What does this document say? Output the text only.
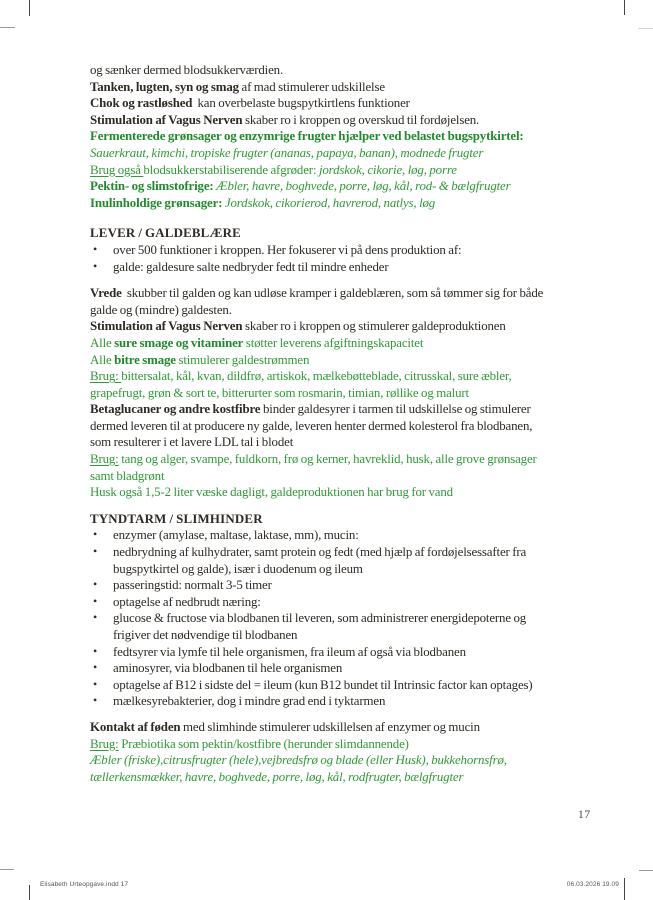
og sænker dermed blodsukkerværdien.
Tanken, lugten, syn og smag af mad stimulerer udskillelse
Chok og rastløshed  kan overbelaste bugspytkirtlens funktioner
Stimulation af Vagus Nerven skaber ro i kroppen og overskud til fordøjelsen.
Fermenterede grønsager og enzymrige frugter hjælper ved belastet bugspytkirtel:
Sauerkraut, kimchi, tropiske frugter (ananas, papaya, banan), modnede frugter
Brug også blodsukkerstabiliserende afgrøder: jordskok, cikorie, løg, porre
Pektin- og slimstofrige: Æbler, havre, boghvede, porre, løg, kål, rod- & bælgfrugter
Inulinholdige grønsager: Jordskok, cikorierod, havrerod, natlys, løg
LEVER / GALDEBLÆRE
• over 500 funktioner i kroppen. Her fokuserer vi på dens produktion af:
• galde: galdesure salte nedbryder fedt til mindre enheder
Vrede  skubber til galden og kan udløse kramper i galdeblæren, som så tømmer sig for både
galde og (mindre) galdesten.
Stimulation af Vagus Nerven skaber ro i kroppen og stimulerer galdeproduktionen
Alle sure smage og vitaminer støtter leverens afgiftningskapacitet
Alle bitre smage stimulerer galdestrømmen
Brug: bittersalat, kål, kvan, dildfrø, artiskok, mælkebøtteblade, citrusskal, sure æbler,
grapefrugt, grøn & sort te, bitterurter som rosmarin, timian, røllike og malurt
Betaglucaner og andre kostfibre binder galdesyrer i tarmen til udskillelse og stimulerer
dermed leveren til at producere ny galde, leveren henter dermed kolesterol fra blodbanen,
som resulterer i et lavere LDL tal i blodet
Brug: tang og alger, svampe, fuldkorn, frø og kerner, havreklid, husk, alle grove grønsager
samt bladgrønt
Husk også 1,5-2 liter væske dagligt, galdeproduktionen har brug for vand
TYNDTARM / SLIMHINDER
• enzymer (amylase, maltase, laktase, mm), mucin:
• nedbrydning af kulhydrater, samt protein og fedt (med hjælp af fordøjelsessafter fra
bugspytkirtel og galde), især i duodenum og ileum
• passeringstid: normalt 3-5 timer
• optagelse af nedbrudt næring:
• glucose & fructose via blodbanen til leveren, som administrerer energidepoterne og
frigiver det nødvendige til blodbanen
• fedtsyrer via lymfe til hele organismen, fra ileum af også via blodbanen
• aminosyrer, via blodbanen til hele organismen
• optagelse af B12 i sidste del = ileum (kun B12 bundet til Intrinsic factor kan optages)
• mælkesyrebakterier, dog i mindre grad end i tyktarmen
Kontakt af føden med slimhinde stimulerer udskillelsen af enzymer og mucin
Brug: Præbiotika som pektin/kostfibre (herunder slimdannende)
Æbler (friske),citrusfrugter (hele),vejbredsfrø og blade (eller Husk), bukkehornsfrø,
tællerkensmækker, havre, boghvede, porre, løg, kål, rodfrugter, bælgfrugter
17
Elisabeth Urteopgave.indd 17	06.03.2026 19.09
